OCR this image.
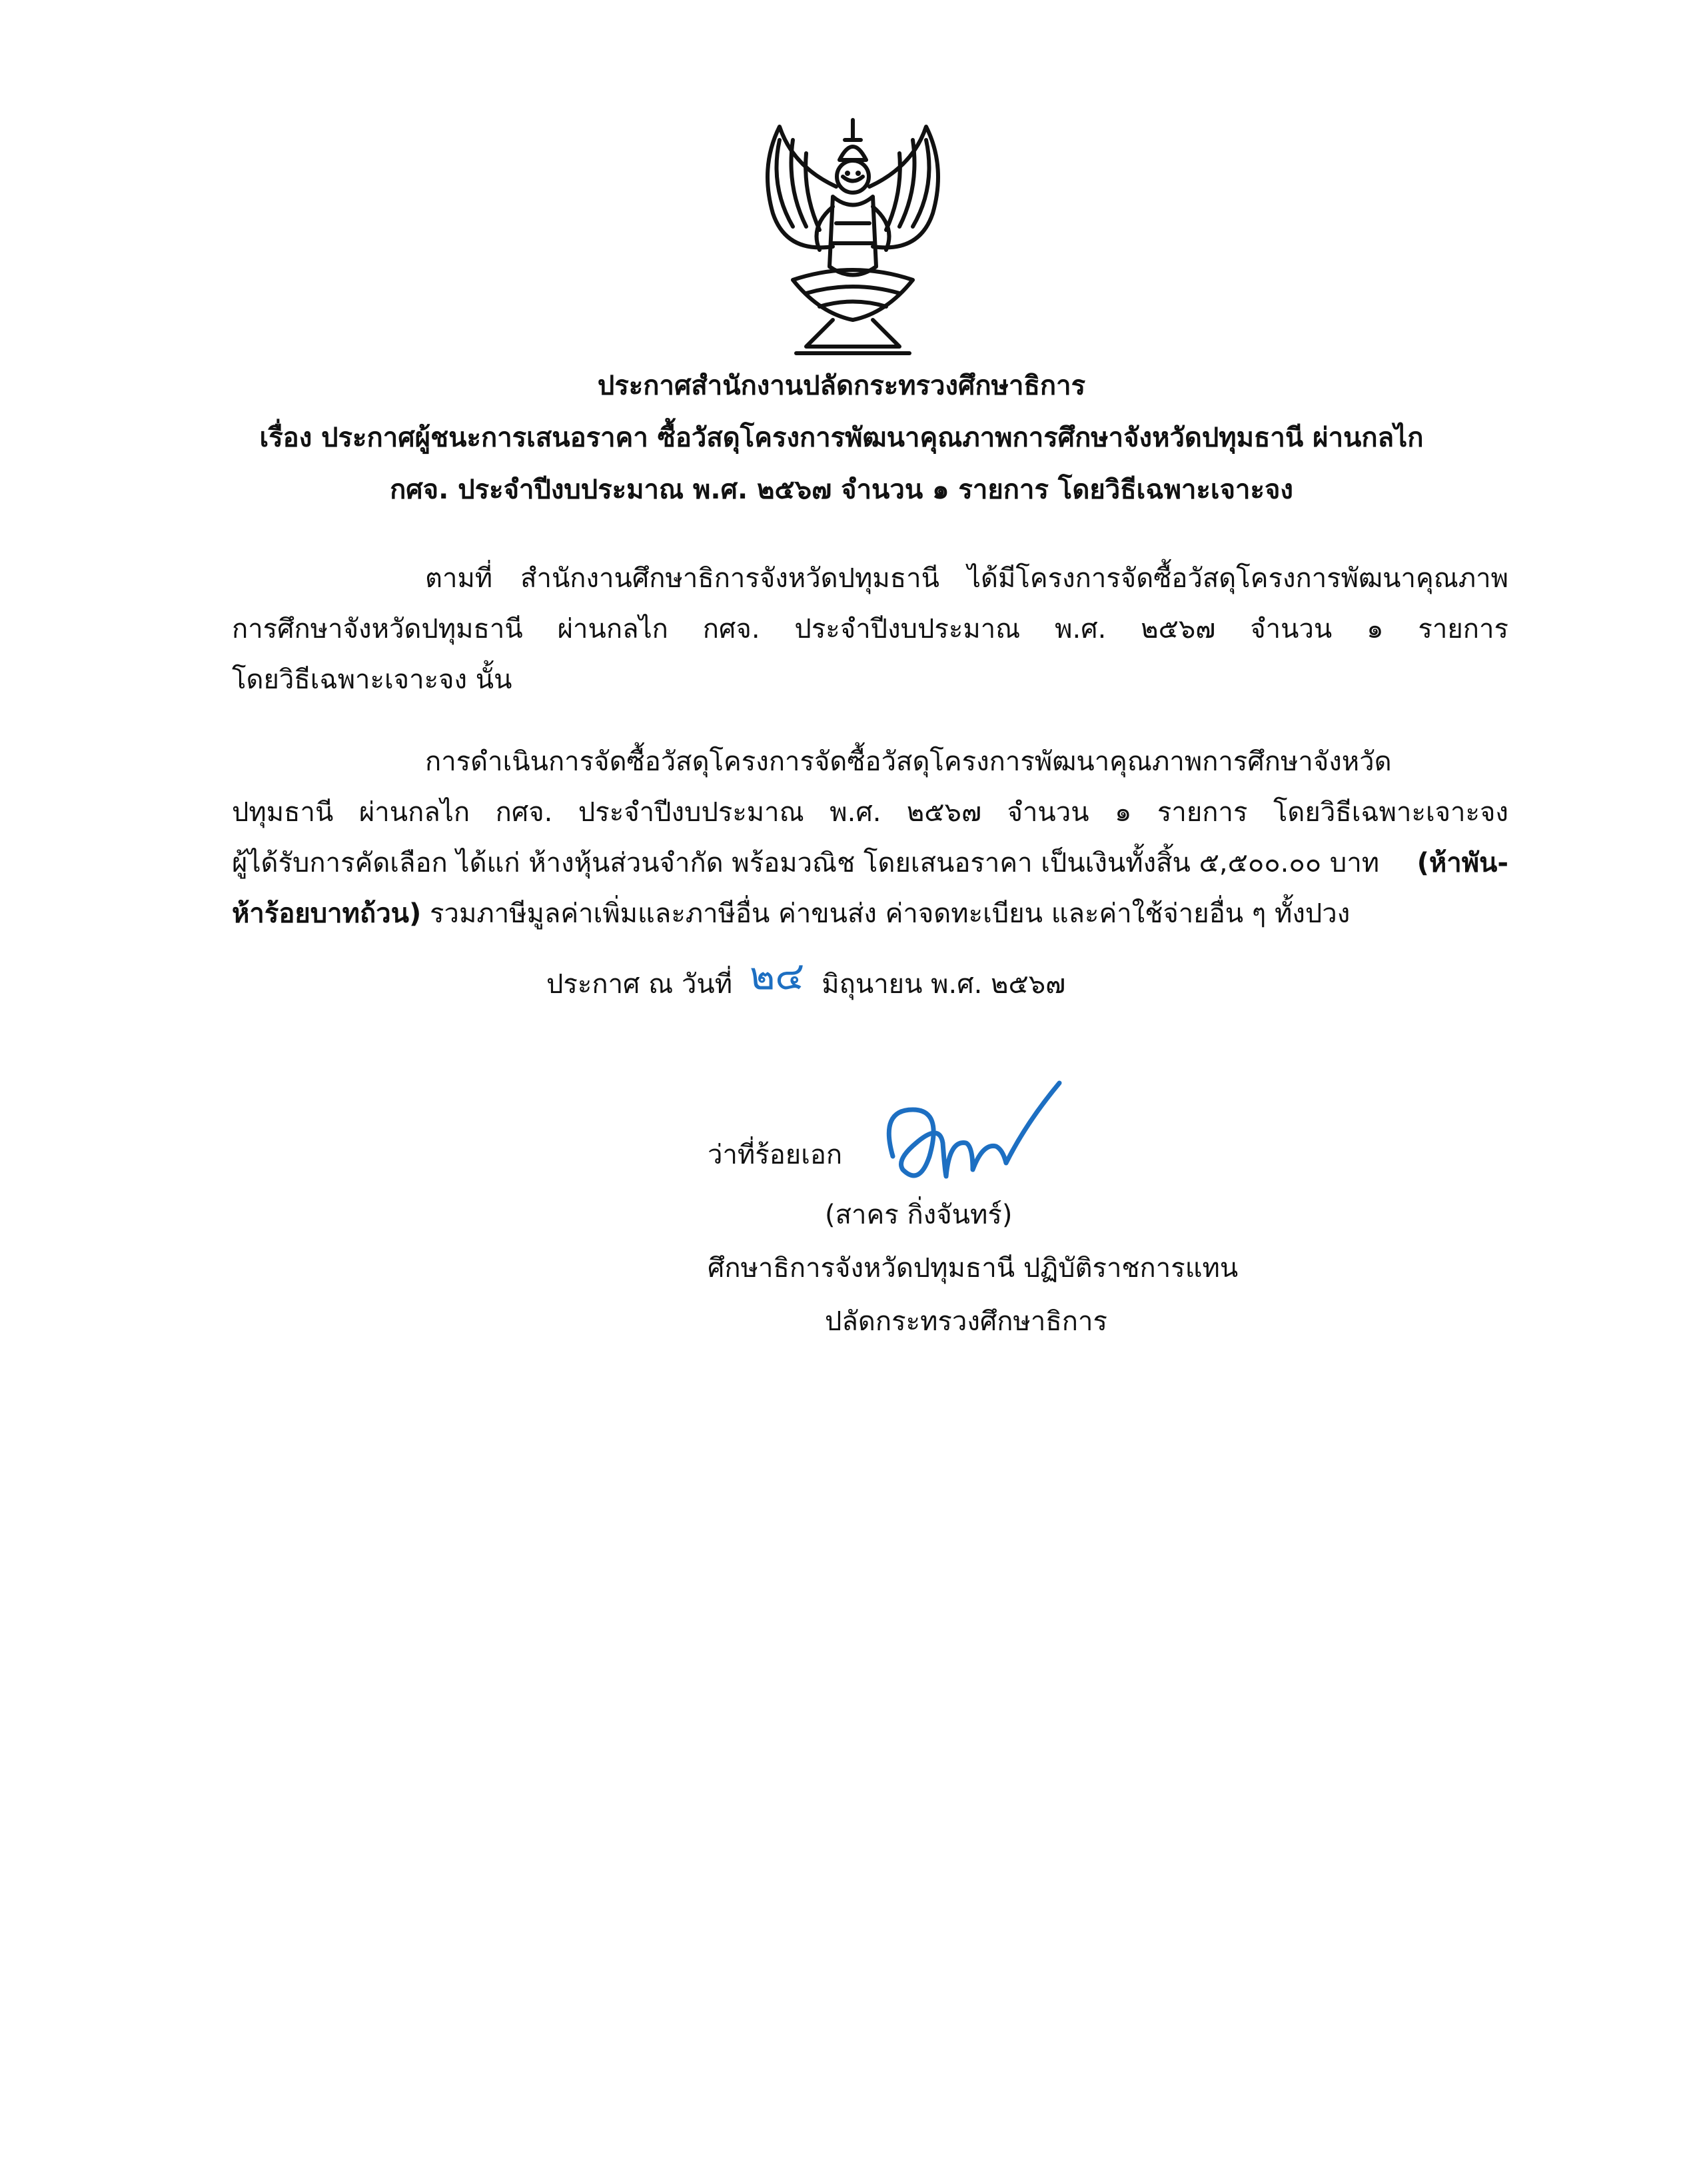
ประกาศสำนักงานปลัดกระทรวงศึกษาธิการ
เรื่อง ประกาศผู้ชนะการเสนอราคา ซื้อวัสดุโครงการพัฒนาคุณภาพการศึกษาจังหวัดปทุมธานี ผ่านกลไก
กศจ. ประจำปีงบประมาณ พ.ศ. ๒๕๖๗ จำนวน ๑ รายการ โดยวิธีเฉพาะเจาะจง
ตามที่ สำนักงานศึกษาธิการจังหวัดปทุมธานี ได้มีโครงการจัดซื้อวัสดุโครงการพัฒนาคุณภาพ
การศึกษาจังหวัดปทุมธานี ผ่านกลไก กศจ. ประจำปีงบประมาณ พ.ศ. ๒๕๖๗ จำนวน ๑ รายการ
โดยวิธีเฉพาะเจาะจง นั้น
การดำเนินการจัดซื้อวัสดุโครงการจัดซื้อวัสดุโครงการพัฒนาคุณภาพการศึกษาจังหวัด
ปทุมธานี ผ่านกลไก กศจ. ประจำปีงบประมาณ พ.ศ. ๒๕๖๗ จำนวน ๑ รายการ โดยวิธีเฉพาะเจาะจง
ผู้ได้รับการคัดเลือก ได้แก่ ห้างหุ้นส่วนจำกัด พร้อมวณิช โดยเสนอราคา เป็นเงินทั้งสิ้น ๕,๕๐๐.๐๐ บาท (ห้าพัน-
ห้าร้อยบาทถ้วน) รวมภาษีมูลค่าเพิ่มและภาษีอื่น ค่าขนส่ง ค่าจดทะเบียน และค่าใช้จ่ายอื่น ๆ ทั้งปวง
ประกาศ ณ วันที่ ๒๔ มิถุนายน พ.ศ. ๒๕๖๗
ว่าที่ร้อยเอก
(สาคร กิ่งจันทร์)
ศึกษาธิการจังหวัดปทุมธานี ปฏิบัติราชการแทน
ปลัดกระทรวงศึกษาธิการ
